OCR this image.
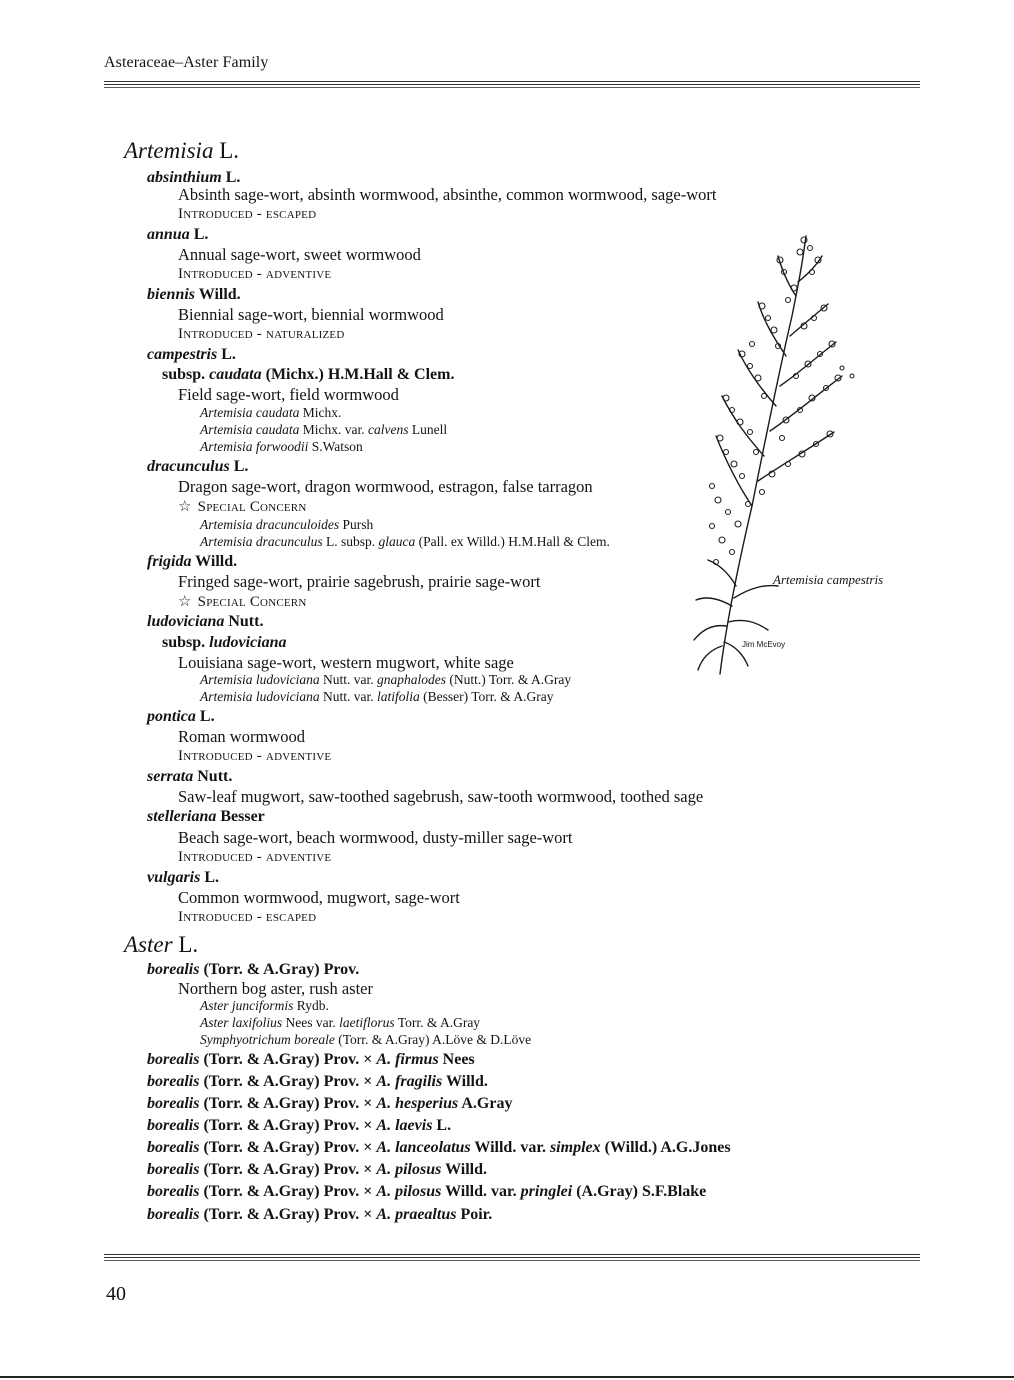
Asteraceae–Aster Family
Artemisia L.
absinthium L.
Absinth sage-wort, absinth wormwood, absinthe, common wormwood, sage-wort
Introduced - escaped
annua L.
Annual sage-wort, sweet wormwood
Introduced - adventive
biennis Willd.
Biennial sage-wort, biennial wormwood
Introduced - naturalized
campestris L.
subsp. caudata (Michx.) H.M.Hall & Clem.
Field sage-wort, field wormwood
Artemisia caudata Michx.
Artemisia caudata Michx. var. calvens Lunell
Artemisia forwoodii S.Watson
dracunculus L.
Dragon sage-wort, dragon wormwood, estragon, false tarragon
☆ Special Concern
Artemisia dracunculoides Pursh
Artemisia dracunculus L. subsp. glauca (Pall. ex Willd.) H.M.Hall & Clem.
frigida Willd.
Fringed sage-wort, prairie sagebrush, prairie sage-wort
☆ Special Concern
ludoviciana Nutt.
subsp. ludoviciana
Louisiana sage-wort, western mugwort, white sage
Artemisia ludoviciana Nutt. var. gnaphalodes (Nutt.) Torr. & A.Gray
Artemisia ludoviciana Nutt. var. latifolia (Besser) Torr. & A.Gray
pontica L.
Roman wormwood
Introduced - adventive
serrata Nutt.
Saw-leaf mugwort, saw-toothed sagebrush, saw-tooth wormwood, toothed sage
stelleriana Besser
Beach sage-wort, beach wormwood, dusty-miller sage-wort
Introduced - adventive
vulgaris L.
Common wormwood, mugwort, sage-wort
Introduced - escaped
Aster L.
borealis (Torr. & A.Gray) Prov.
Northern bog aster, rush aster
Aster junciformis Rydb.
Aster laxifolius Nees var. laetiflorus Torr. & A.Gray
Symphyotrichum boreale (Torr. & A.Gray) A.Löve & D.Löve
borealis (Torr. & A.Gray) Prov. × A. firmus Nees
borealis (Torr. & A.Gray) Prov. × A. fragilis Willd.
borealis (Torr. & A.Gray) Prov. × A. hesperius A.Gray
borealis (Torr. & A.Gray) Prov. × A. laevis L.
borealis (Torr. & A.Gray) Prov. × A. lanceolatus Willd. var. simplex (Willd.) A.G.Jones
borealis (Torr. & A.Gray) Prov. × A. pilosus Willd.
borealis (Torr. & A.Gray) Prov. × A. pilosus Willd. var. pringlei (A.Gray) S.F.Blake
borealis (Torr. & A.Gray) Prov. × A. praealtus Poir.
Artemisia campestris
Jim McEvoy
40
